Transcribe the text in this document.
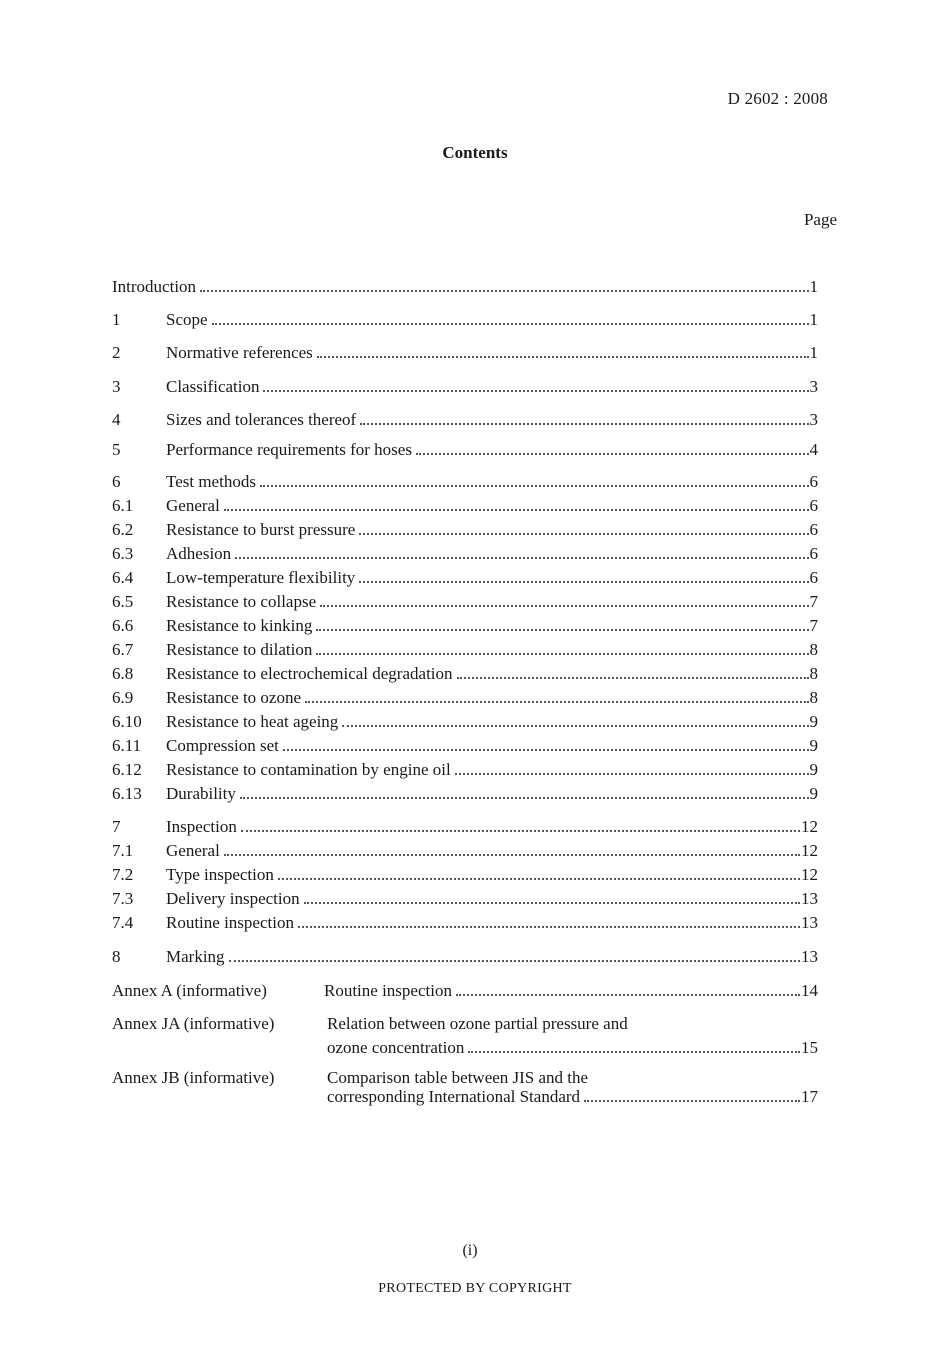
D 2602 : 2008
Contents
Page
Introduction	1
1	Scope	1
2	Normative references	1
3	Classification	3
4	Sizes and tolerances thereof	3
5	Performance requirements for hoses	4
6	Test methods	6
6.1 General	6
6.2 Resistance to burst pressure	6
6.3 Adhesion	6
6.4 Low-temperature flexibility	6
6.5 Resistance to collapse	7
6.6 Resistance to kinking	7
6.7 Resistance to dilation	8
6.8 Resistance to electrochemical degradation	8
6.9 Resistance to ozone	8
6.10 Resistance to heat ageing	9
6.11 Compression set	9
6.12 Resistance to contamination by engine oil	9
6.13 Durability	9
7	Inspection	12
7.1 General	12
7.2 Type inspection	12
7.3 Delivery inspection	13
7.4 Routine inspection	13
8	Marking	13
Annex A (informative)	Routine inspection	14
Annex JA (informative)	Relation between ozone partial pressure and
ozone concentration	15
Annex JB (informative)	Comparison table between JIS and the
corresponding International Standard	17
(i)
PROTECTED BY COPYRIGHT
